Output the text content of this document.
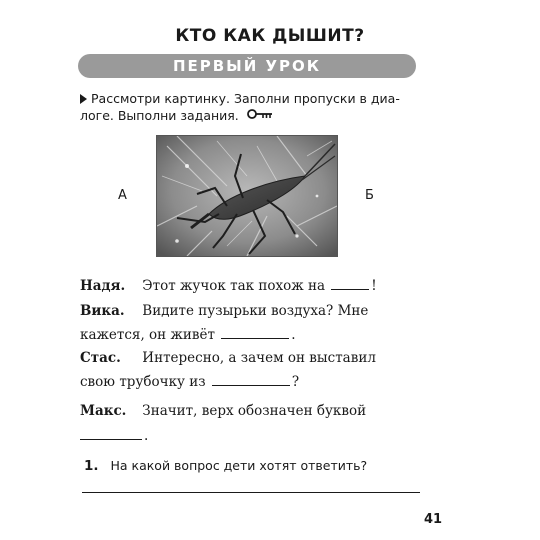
КТО КАК ДЫШИТ?
ПЕРВЫЙ УРОК
Рассмотри картинку. Заполни пропуски в диа-
логе. Выполни задания.
А	Б
Надя. Этот жучок так похож на	!
Вика. Видите пузырьки воздуха? Мне
кажется, он живёт	.
Стас. Интересно, а зачем он выставил
свою трубочку из	?
Макс. Значит, верх обозначен буквой
.
1. На какой вопрос дети хотят ответить?
41
